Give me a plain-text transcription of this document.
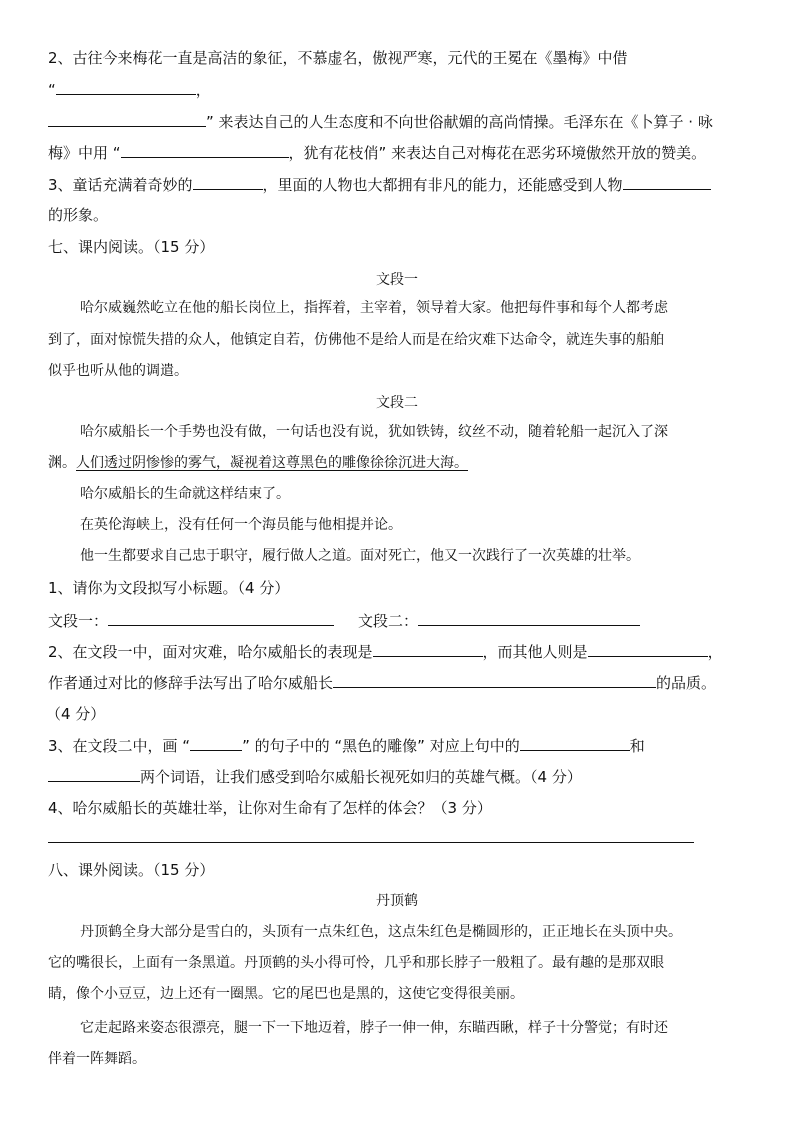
2、古往今来梅花一直是高洁的象征，不慕虚名，傲视严寒，元代的王冕在《墨梅》中借
“	，
” 来表达自己的人生态度和不向世俗献媚的高尚情操。毛泽东在《卜算子 · 咏
梅》中用 “	，犹有花枝俏” 来表达自己对梅花在恶劣环境傲然开放的赞美。
3、童话充满着奇妙的	，里面的人物也大都拥有非凡的能力，还能感受到人物
的形象。
七、课内阅读。（15 分）
文段一
哈尔威巍然屹立在他的船长岗位上，指挥着，主宰着，领导着大家。他把每件事和每个人都考虑
到了，面对惊慌失措的众人，他镇定自若，仿佛他不是给人而是在给灾难下达命令，就连失事的船舶
似乎也听从他的调遣。
文段二
哈尔威船长一个手势也没有做，一句话也没有说，犹如铁铸，纹丝不动，随着轮船一起沉入了深
渊。人们透过阴惨惨的雾气，凝视着这尊黑色的雕像徐徐沉进大海。
哈尔威船长的生命就这样结束了。
在英伦海峡上，没有任何一个海员能与他相提并论。
他一生都要求自己忠于职守，履行做人之道。面对死亡，他又一次践行了一次英雄的壮举。
1、请你为文段拟写小标题。（4 分）
文段一：	文段二：
2、在文段一中，面对灾难，哈尔威船长的表现是	，而其他人则是	，
作者通过对比的修辞手法写出了哈尔威船长	的品质。
（4 分）
3、在文段二中，画 “	” 的句子中的 “黑色的雕像” 对应上句中的	和
两个词语，让我们感受到哈尔威船长视死如归的英雄气概。（4 分）
4、哈尔威船长的英雄壮举，让你对生命有了怎样的体会？（3 分）
八、课外阅读。（15 分）
丹顶鹤
丹顶鹤全身大部分是雪白的，头顶有一点朱红色，这点朱红色是椭圆形的，正正地长在头顶中央。
它的嘴很长，上面有一条黑道。丹顶鹤的头小得可怜，几乎和那长脖子一般粗了。最有趣的是那双眼
睛，像个小豆豆，边上还有一圈黑。它的尾巴也是黑的，这使它变得很美丽。
它走起路来姿态很漂亮，腿一下一下地迈着，脖子一伸一伸，东瞄西瞅，样子十分警觉；有时还
伴着一阵舞蹈。
